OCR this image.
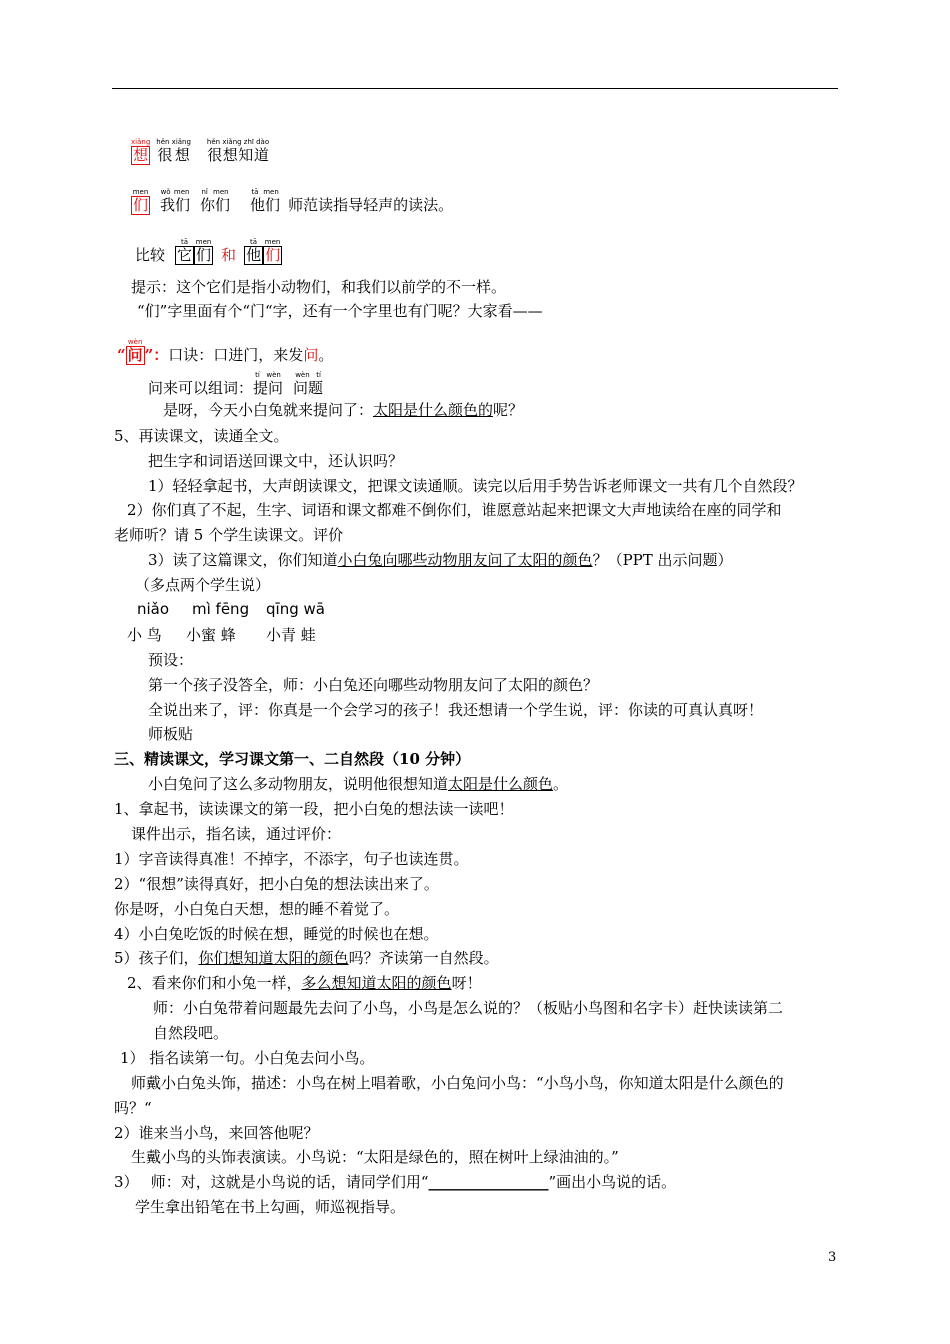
想xiǎng很想hěn xiǎng很想知道hěn xiǎng zhī dào
们men我们wǒ men你们nǐ men他们tā men师范读指导轻声的读法。
比较 它tā们men和 他tā们men
提示：这个它们是指小动物们，和我们以前学的不一样。
“们”字里面有个“门“字，还有一个字里也有门呢？大家看——
“ 问wèn”：口诀：口进门，来发问。
问来可以组词：提问tí wèn问题wèn tí
是呀，今天小白兔就来提问了：太阳是什么颜色的呢？
5、再读课文，读通全文。
把生字和词语送回课文中，还认识吗？
1）轻轻拿起书，大声朗读课文，把课文读通顺。读完以后用手势告诉老师课文一共有几个自然段？
2）你们真了不起，生字、词语和课文都难不倒你们，谁愿意站起来把课文大声地读给在座的同学和
老师听？请 5 个学生读课文。评价
3）读了这篇课文，你们知道小白兔向哪些动物朋友问了太阳的颜色？（PPT 出示问题）
（多点两个学生说）
niǎo mì fēng qīng wā
小 鸟 小蜜 蜂 小青 蛙
预设：
第一个孩子没答全，师：小白兔还向哪些动物朋友问了太阳的颜色？
全说出来了，评：你真是一个会学习的孩子！我还想请一个学生说，评：你读的可真认真呀！
师板贴
三、精读课文，学习课文第一、二自然段（10 分钟）
小白兔问了这么多动物朋友，说明他很想知道太阳是什么颜色。
1、拿起书，读读课文的第一段，把小白兔的想法读一读吧！
课件出示，指名读，通过评价：
1）字音读得真准！不掉字，不添字，句子也读连贯。
2）“很想”读得真好，把小白兔的想法读出来了。
你是呀，小白兔白天想，想的睡不着觉了。
4）小白兔吃饭的时候在想，睡觉的时候也在想。
5）孩子们，你们想知道太阳的颜色吗？齐读第一自然段。
2、看来你们和小兔一样，多么想知道太阳的颜色呀！
师：小白兔带着问题最先去问了小鸟，小鸟是怎么说的？（板贴小鸟图和名字卡）赶快读读第二
自然段吧。
1） 指名读第一句。小白兔去问小鸟。
师戴小白兔头饰，描述：小鸟在树上唱着歌，小白兔问小鸟：“小鸟小鸟，你知道太阳是什么颜色的
吗？“
2）谁来当小鸟，来回答他呢？
生戴小鸟的头饰表演读。小鸟说：“太阳是绿色的，照在树叶上绿油油的。”
3）　 师：对，这就是小鸟说的话，请同学们用“________________”画出小鸟说的话。
学生拿出铅笔在书上勾画，师巡视指导。
3
